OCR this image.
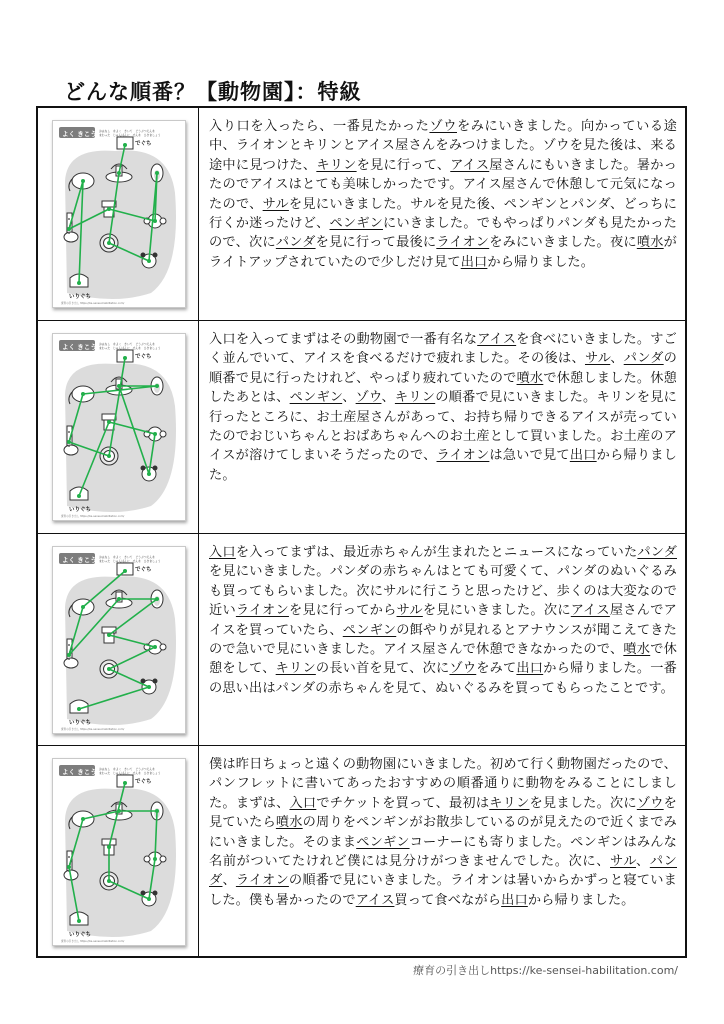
どんな順番？【動物園】：特級
よく きこう おはなし　をよく　きいて　どうぶつえんを
まわった　じゅんばんに　せんを　ひきましょう
でぐち
いりぐち
療育の引き出し https://ke-sensei-habilitation.com/

入り口を入ったら、一番見たかったゾウをみにいきました。向かっている途中、ライオンとキリンとアイス屋さんをみつけました。ゾウを見た後は、来る途中に見つけた、キリンを見に行って、アイス屋さんにもいきました。暑かったのでアイスはとても美味しかったです。アイス屋さんで休憩して元気になったので、サルを見にいきました。サルを見た後、ペンギンとパンダ、どっちに行くか迷ったけど、ペンギンにいきました。でもやっぱりパンダも見たかったので、次にパンダを見に行って最後にライオンをみにいきました。夜に噴水がライトアップされていたので少しだけ見て出口から帰りました。

よく きこう おはなし　をよく　きいて　どうぶつえんを
まわった　じゅんばんに　せんを　ひきましょう
でぐち
いりぐち
療育の引き出し https://ke-sensei-habilitation.com/

入口を入ってまずはその動物園で一番有名なアイスを食べにいきました。すごく並んでいて、アイスを食べるだけで疲れました。その後は、サル、パンダの順番で見に行ったけれど、やっぱり疲れていたので噴水で休憩しました。休憩したあとは、ペンギン、ゾウ、キリンの順番で見にいきました。キリンを見に行ったところに、お土産屋さんがあって、お持ち帰りできるアイスが売っていたのでおじいちゃんとおばあちゃんへのお土産として買いました。お土産のアイスが溶けてしまいそうだったので、ライオンは急いで見て出口から帰りました。

よく きこう おはなし　をよく　きいて　どうぶつえんを
まわった　じゅんばんに　せんを　ひきましょう
でぐち
いりぐち
療育の引き出し https://ke-sensei-habilitation.com/

入口を入ってまずは、最近赤ちゃんが生まれたとニュースになっていたパンダを見にいきました。パンダの赤ちゃんはとても可愛くて、パンダのぬいぐるみも買ってもらいました。次にサルに行こうと思ったけど、歩くのは大変なので近いライオンを見に行ってからサルを見にいきました。次にアイス屋さんでアイスを買っていたら、ペンギンの餌やりが見れるとアナウンスが聞こえてきたので急いで見にいきました。アイス屋さんで休憩できなかったので、噴水で休憩をして、キリンの長い首を見て、次にゾウをみて出口から帰りました。一番の思い出はパンダの赤ちゃんを見て、ぬいぐるみを買ってもらったことです。

よく きこう おはなし　をよく　きいて　どうぶつえんを
まわった　じゅんばんに　せんを　ひきましょう
でぐち
いりぐち
療育の引き出し https://ke-sensei-habilitation.com/

僕は昨日ちょっと遠くの動物園にいきました。初めて行く動物園だったので、パンフレットに書いてあったおすすめの順番通りに動物をみることにしました。まずは、入口でチケットを買って、最初はキリンを見ました。次にゾウを見ていたら噴水の周りをペンギンがお散歩しているのが見えたので近くまでみにいきました。そのままペンギンコーナーにも寄りました。ペンギンはみんな名前がついてたけれど僕には見分けがつきませんでした。次に、サル、パンダ、ライオンの順番で見にいきました。ライオンは暑いからかずっと寝ていました。僕も暑かったのでアイス買って食べながら出口から帰りました。

療育の引き出しhttps://ke-sensei-habilitation.com/
